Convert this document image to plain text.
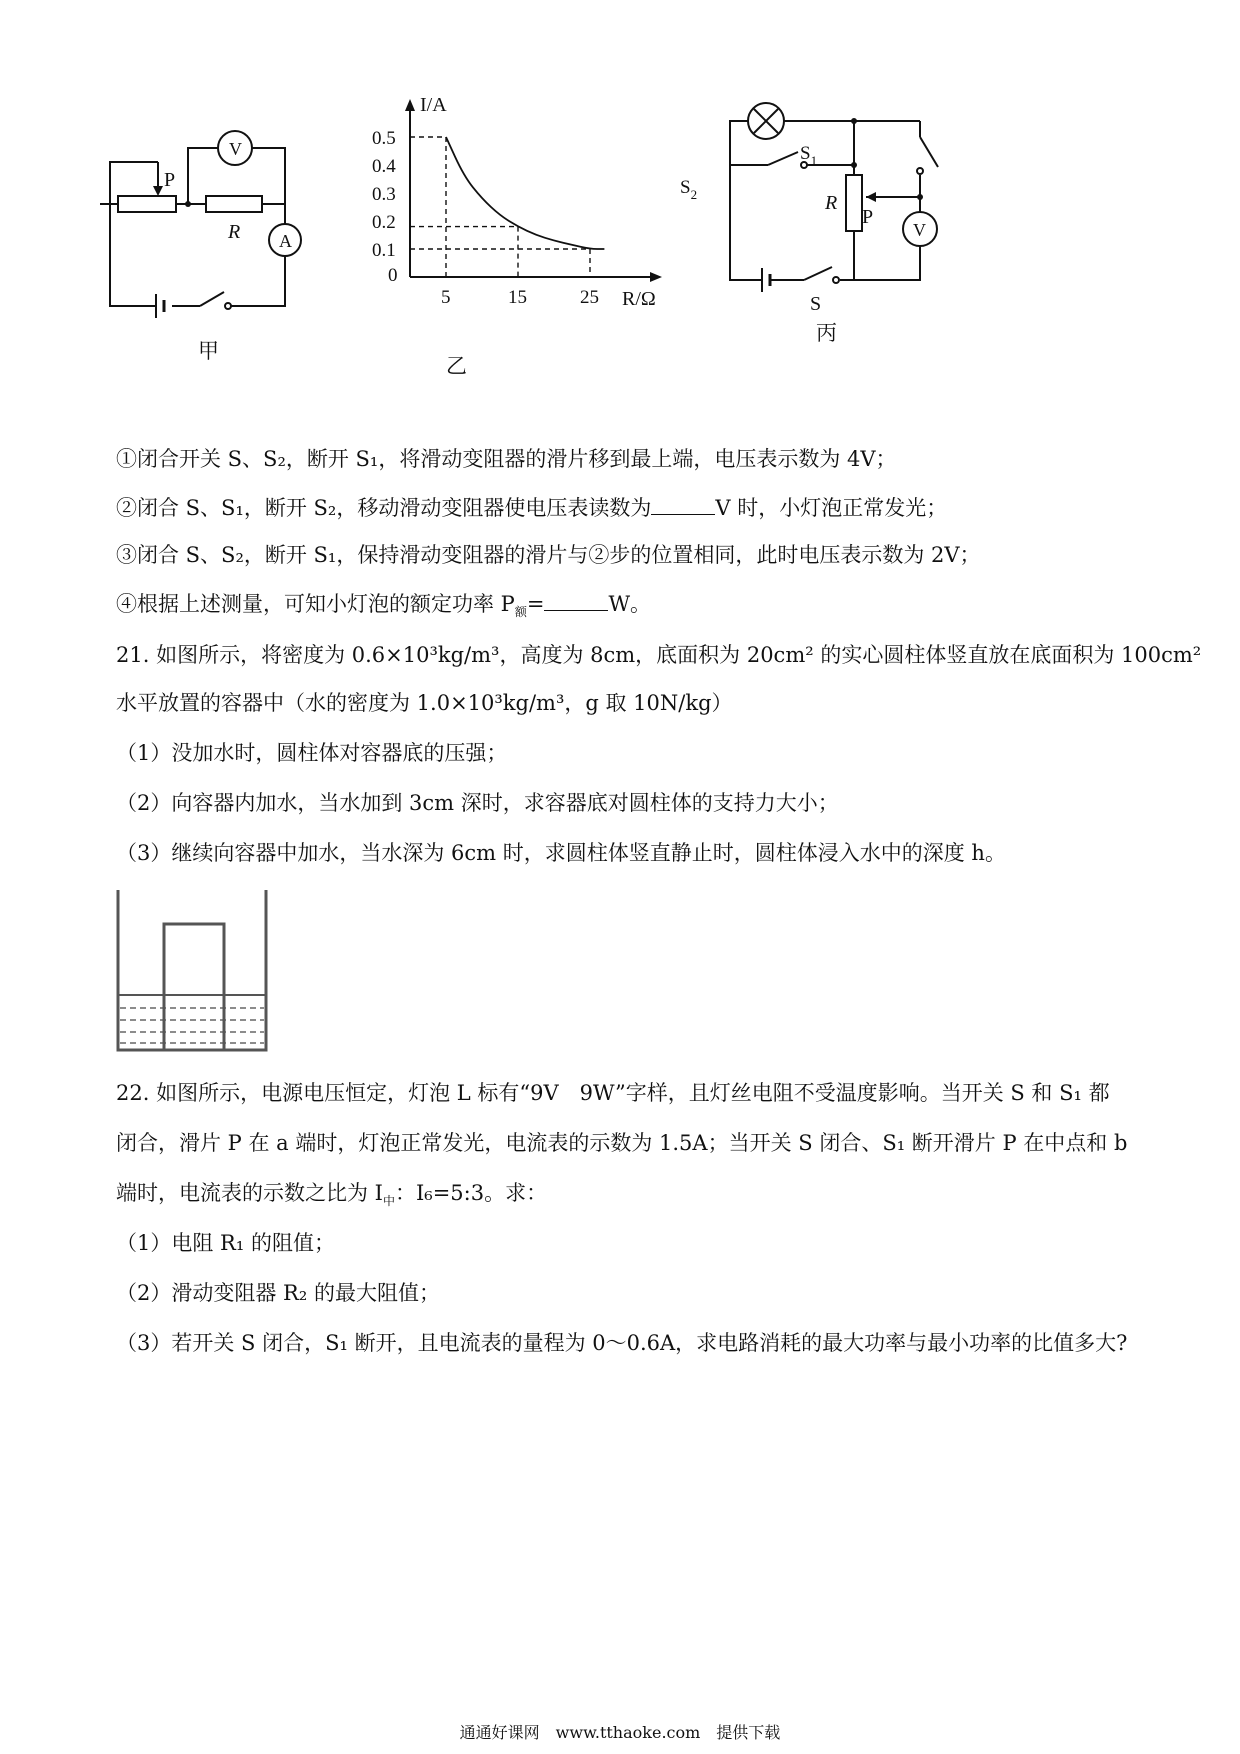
P
R
V
A
甲
I/A
R/Ω
0
0.1
0.2
0.3
0.4
0.5
5	15	25
乙
$S_1$
$S_2$	R
P
V
S
丙
①闭合开关 S、S₂，断开 S₁，将滑动变阻器的滑片移到最上端，电压表示数为 4V；
②闭合 S、S₁，断开 S₂，移动滑动变阻器使电压表读数为	V 时，小灯泡正常发光；
③闭合 S、S₂，断开 S₁，保持滑动变阻器的滑片与②步的位置相同，此时电压表示数为 2V；
④根据上述测量，可知小灯泡的额定功率 $P_额=$	W。
21. 如图所示，将密度为 0.6×10³kg/m³，高度为 8cm，底面积为 20cm² 的实心圆柱体竖直放在底面积为 100cm²
水平放置的容器中（水的密度为 1.0×10³kg/m³，g 取 10N/kg）
（1）没加水时，圆柱体对容器底的压强；
（2）向容器内加水，当水加到 3cm 深时，求容器底对圆柱体的支持力大小；
（3）继续向容器中加水，当水深为 6cm 时，求圆柱体竖直静止时，圆柱体浸入水中的深度 h。
22. 如图所示，电源电压恒定，灯泡 L 标有“9V　9W”字样，且灯丝电阻不受温度影响。当开关 S 和 S₁ 都
闭合，滑片 P 在 a 端时，灯泡正常发光，电流表的示数为 1.5A；当开关 S 闭合、S₁ 断开滑片 P 在中点和 b
端时，电流表的示数之比为 $I_中$：I₆=5:3。求：
（1）电阻 R₁ 的阻值；
（2）滑动变阻器 R₂ 的最大阻值；
（3）若开关 S 闭合，S₁ 断开，且电流表的量程为 0～0.6A，求电路消耗的最大功率与最小功率的比值多大?
通通好课网　www.tthaoke.com　提供下载
